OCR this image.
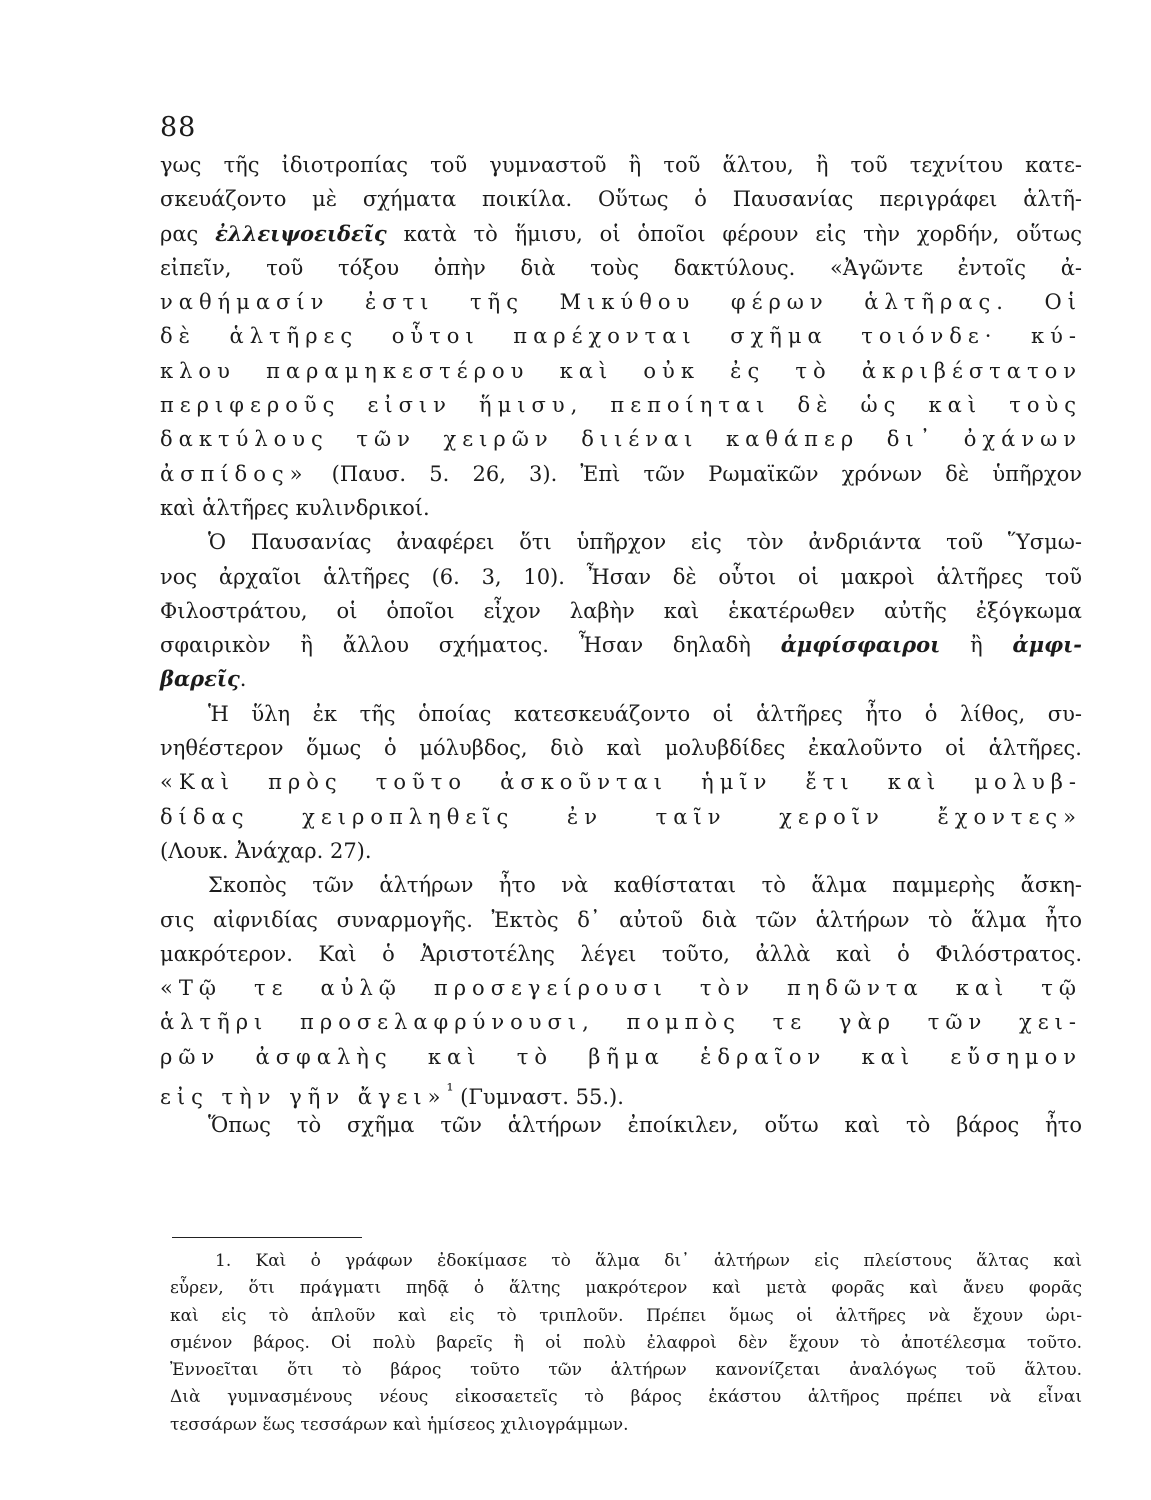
88
γως τῆς ἰδιοτροπίας τοῦ γυμναστοῦ ἢ τοῦ ἅλτου, ἢ τοῦ τεχνίτου κατε-
σκευάζοντο μὲ σχήματα ποικίλα. Οὕτως ὁ Παυσανίας περιγράφει ἁλτῆ-
ρας ἐλλειψοειδεῖς κατὰ τὸ ἥμισυ, οἱ ὁποῖοι φέρουν εἰς τὴν χορδήν, οὕτως
εἰπεῖν, τοῦ τόξου ὀπὴν διὰ τοὺς δακτύλους. «Ἀγῶντε ἐντοῖς ἀ-
ναθήμασίν ἐστι τῆς Μικύθου φέρων ἁλτῆρας. Οἱ
δὲ ἁλτῆρες οὗτοι παρέχονται σχῆμα τοιόνδε· κύ-
κλου παραμηκεστέρου καὶ οὐκ ἐς τὸ ἀκριβέστατον
περιφεροῦς εἰσιν ἥμισυ, πεποίηται δὲ ὡς καὶ τοὺς
δακτύλους τῶν χειρῶν διιέναι καθάπερ δι᾽ ὀχάνων
ἀσπίδος» (Παυσ. 5. 26, 3). Ἐπὶ τῶν Ρωμαϊκῶν χρόνων δὲ ὑπῆρχον
καὶ ἁλτῆρες κυλινδρικοί.
Ὁ Παυσανίας ἀναφέρει ὅτι ὑπῆρχον εἰς τὸν ἀνδριάντα τοῦ Ὕσμω-
νος ἀρχαῖοι ἁλτῆρες (6. 3, 10). Ἦσαν δὲ οὗτοι οἱ μακροὶ ἁλτῆρες τοῦ
Φιλοστράτου, οἱ ὁποῖοι εἶχον λαβὴν καὶ ἑκατέρωθεν αὐτῆς ἐξόγκωμα
σφαιρικὸν ἢ ἄλλου σχήματος. Ἦσαν δηλαδὴ ἀμφίσφαιροι ἢ ἀμφι-
βαρεῖς.
Ἡ ὕλη ἐκ τῆς ὁποίας κατεσκευάζοντο οἱ ἁλτῆρες ἦτο ὁ λίθος, συ-
νηθέστερον ὅμως ὁ μόλυβδος, διὸ καὶ μολυβδίδες ἐκαλοῦντο οἱ ἁλτῆρες.
«Καὶ πρὸς τοῦτο ἀσκοῦνται ἡμῖν ἔτι καὶ μολυβ-
δίδας χειροπληθεῖς ἐν ταῖν χεροῖν ἔχοντες»
(Λουκ. Ἀνάχαρ. 27).
Σκοπὸς τῶν ἁλτήρων ἦτο νὰ καθίσταται τὸ ἅλμα παμμερὴς ἄσκη-
σις αἰφνιδίας συναρμογῆς. Ἐκτὸς δ᾽ αὐτοῦ διὰ τῶν ἁλτήρων τὸ ἅλμα ἦτο
μακρότερον. Καὶ ὁ Ἀριστοτέλης λέγει τοῦτο, ἀλλὰ καὶ ὁ Φιλόστρατος.
«Τῷ τε αὐλῷ προσεγείρουσι τὸν πηδῶντα καὶ τῷ
ἁλτῆρι προσελαφρύνουσι, πομπὸς τε γὰρ τῶν χει-
ρῶν ἀσφαλὴς καὶ τὸ βῆμα ἑδραῖον καὶ εὔσημον
εἰς τὴν γῆν ἄγει»$^{^1}$ (Γυμναστ. 55.).
Ὅπως τὸ σχῆμα τῶν ἁλτήρων ἐποίκιλεν, οὕτω καὶ τὸ βάρος ἦτο
1. Καὶ ὁ γράφων ἐδοκίμασε τὸ ἅλμα δι᾽ ἁλτήρων εἰς πλείστους ἅλτας καὶ
εὗρεν, ὅτι πράγματι πηδᾷ ὁ ἅλτης μακρότερον καὶ μετὰ φορᾶς καὶ ἄνευ φορᾶς
καὶ εἰς τὸ ἁπλοῦν καὶ εἰς τὸ τριπλοῦν. Πρέπει ὅμως οἱ ἁλτῆρες νὰ ἔχουν ὡρι-
σμένον βάρος. Οἱ πολὺ βαρεῖς ἢ οἱ πολὺ ἐλαφροὶ δὲν ἔχουν τὸ ἀποτέλεσμα τοῦτο.
Ἐννοεῖται ὅτι τὸ βάρος τοῦτο τῶν ἁλτήρων κανονίζεται ἀναλόγως τοῦ ἅλτου.
Διὰ γυμνασμένους νέους εἰκοσαετεῖς τὸ βάρος ἑκάστου ἁλτῆρος πρέπει νὰ εἶναι
τεσσάρων ἕως τεσσάρων καὶ ἡμίσεος χιλιογράμμων.
